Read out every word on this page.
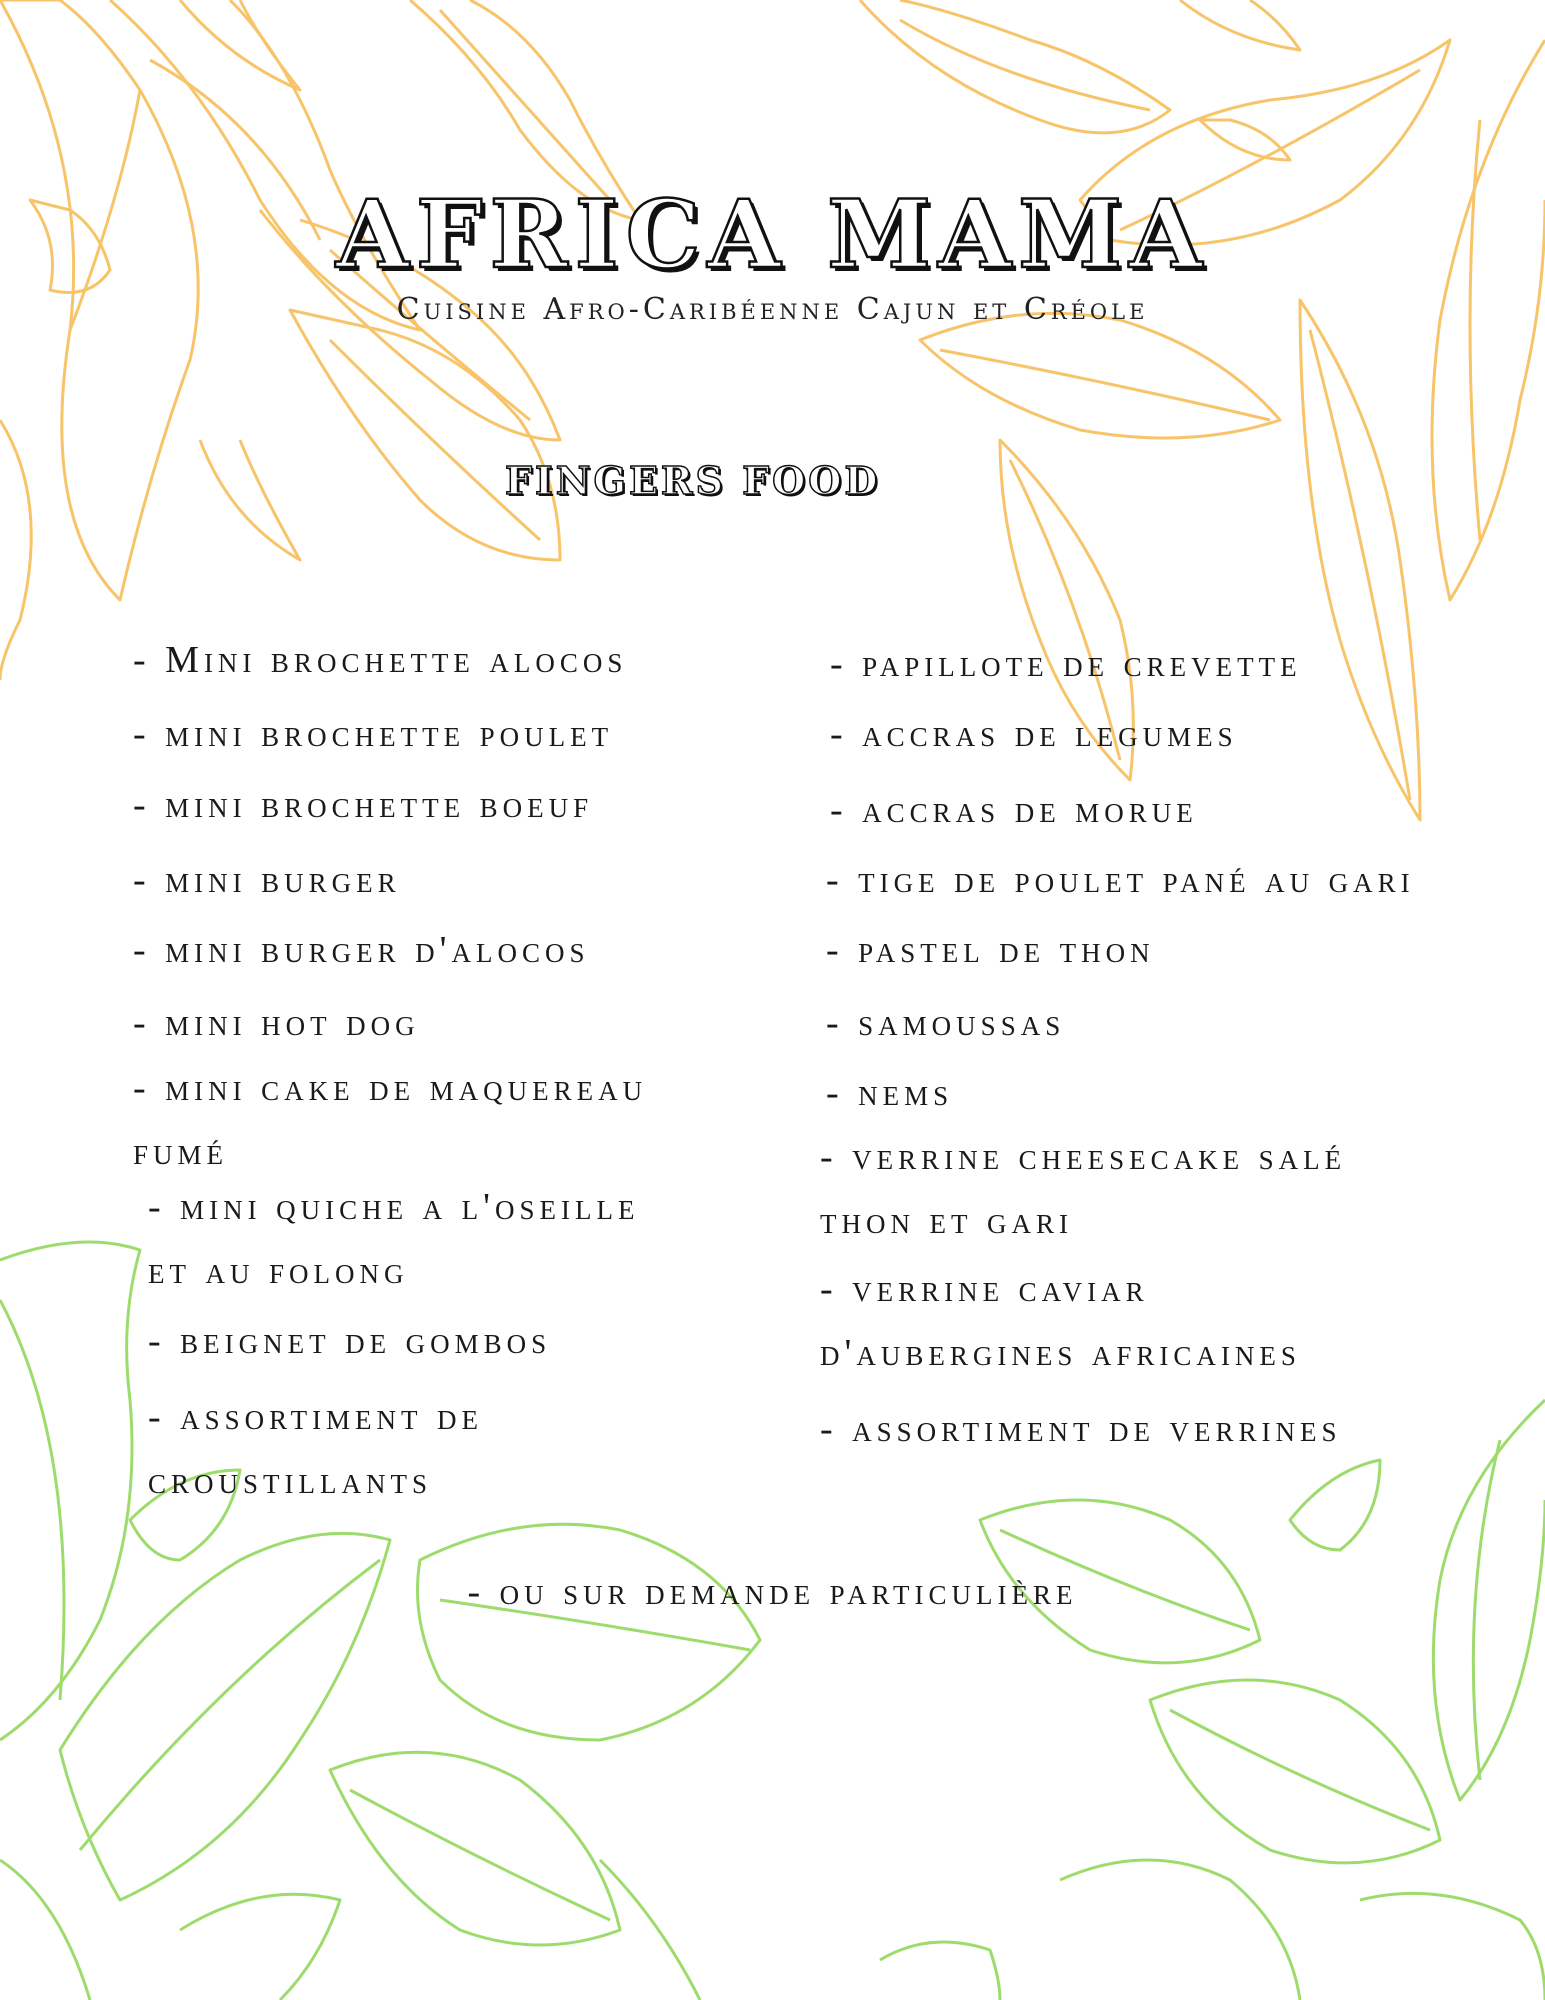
AFRICA MAMA

Cuisine Afro-Caribéenne Cajun et Créole

FINGERS FOOD

- Mini brochette alocos

- mini brochette poulet

- mini brochette boeuf

- mini burger

- mini burger d'alocos

- mini hot dog

- mini cake de maquereau

fumé

- mini quiche a l'oseille

et au folong

- beignet de gombos

- assortiment de

croustillants

- papillote de crevette

- accras de legumes

- accras de morue

- tige de poulet pané au gari

- pastel de thon

- samoussas

- nems

- verrine cheesecake salé

thon et gari

- verrine caviar

d'aubergines africaines

- assortiment de verrines

- ou sur demande particulière
